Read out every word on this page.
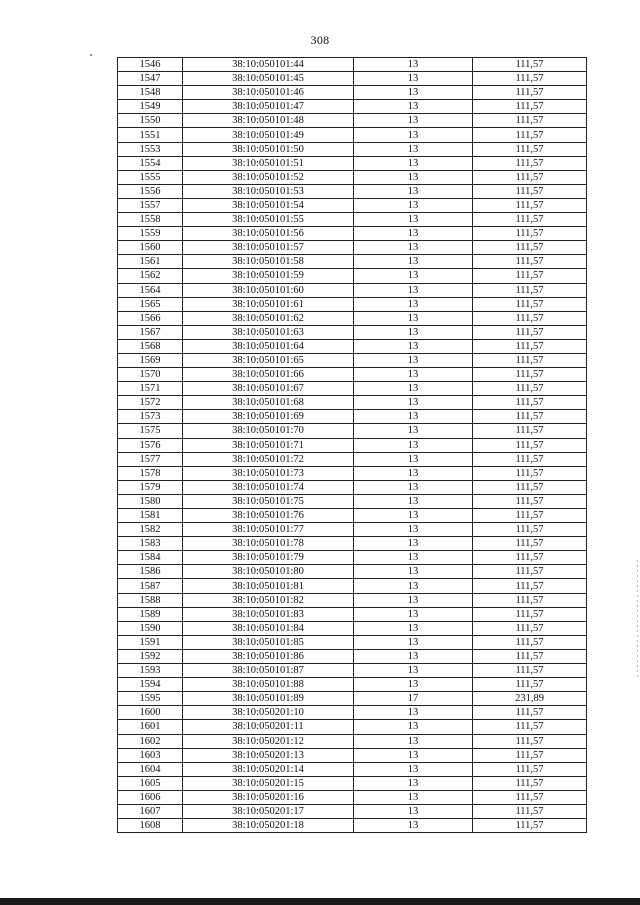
308
1546	38:10:050101:44	13	111,57
1547	38:10:050101:45	13	111,57
1548	38:10:050101:46	13	111,57
1549	38:10:050101:47	13	111,57
1550	38:10:050101:48	13	111,57
1551	38:10:050101:49	13	111,57
1553	38:10:050101:50	13	111,57
1554	38:10:050101:51	13	111,57
1555	38:10:050101:52	13	111,57
1556	38:10:050101:53	13	111,57
1557	38:10:050101:54	13	111,57
1558	38:10:050101:55	13	111,57
1559	38:10:050101:56	13	111,57
1560	38:10:050101:57	13	111,57
1561	38:10:050101:58	13	111,57
1562	38:10:050101:59	13	111,57
1564	38:10:050101:60	13	111,57
1565	38:10:050101:61	13	111,57
1566	38:10:050101:62	13	111,57
1567	38:10:050101:63	13	111,57
1568	38:10:050101:64	13	111,57
1569	38:10:050101:65	13	111,57
1570	38:10:050101:66	13	111,57
1571	38:10:050101:67	13	111,57
1572	38:10:050101:68	13	111,57
1573	38:10:050101:69	13	111,57
1575	38:10:050101:70	13	111,57
1576	38:10:050101:71	13	111,57
1577	38:10:050101:72	13	111,57
1578	38:10:050101:73	13	111,57
1579	38:10:050101:74	13	111,57
1580	38:10:050101:75	13	111,57
1581	38:10:050101:76	13	111,57
1582	38:10:050101:77	13	111,57
1583	38:10:050101:78	13	111,57
1584	38:10:050101:79	13	111,57
1586	38:10:050101:80	13	111,57
1587	38:10:050101:81	13	111,57
1588	38:10:050101:82	13	111,57
1589	38:10:050101:83	13	111,57
1590	38:10:050101:84	13	111,57
1591	38:10:050101:85	13	111,57
1592	38:10:050101:86	13	111,57
1593	38:10:050101:87	13	111,57
1594	38:10:050101:88	13	111,57
1595	38:10:050101:89	17	231,89
1600	38:10:050201:10	13	111,57
1601	38:10:050201:11	13	111,57
1602	38:10:050201:12	13	111,57
1603	38:10:050201:13	13	111,57
1604	38:10:050201:14	13	111,57
1605	38:10:050201:15	13	111,57
1606	38:10:050201:16	13	111,57
1607	38:10:050201:17	13	111,57
1608	38:10:050201:18	13	111,57
